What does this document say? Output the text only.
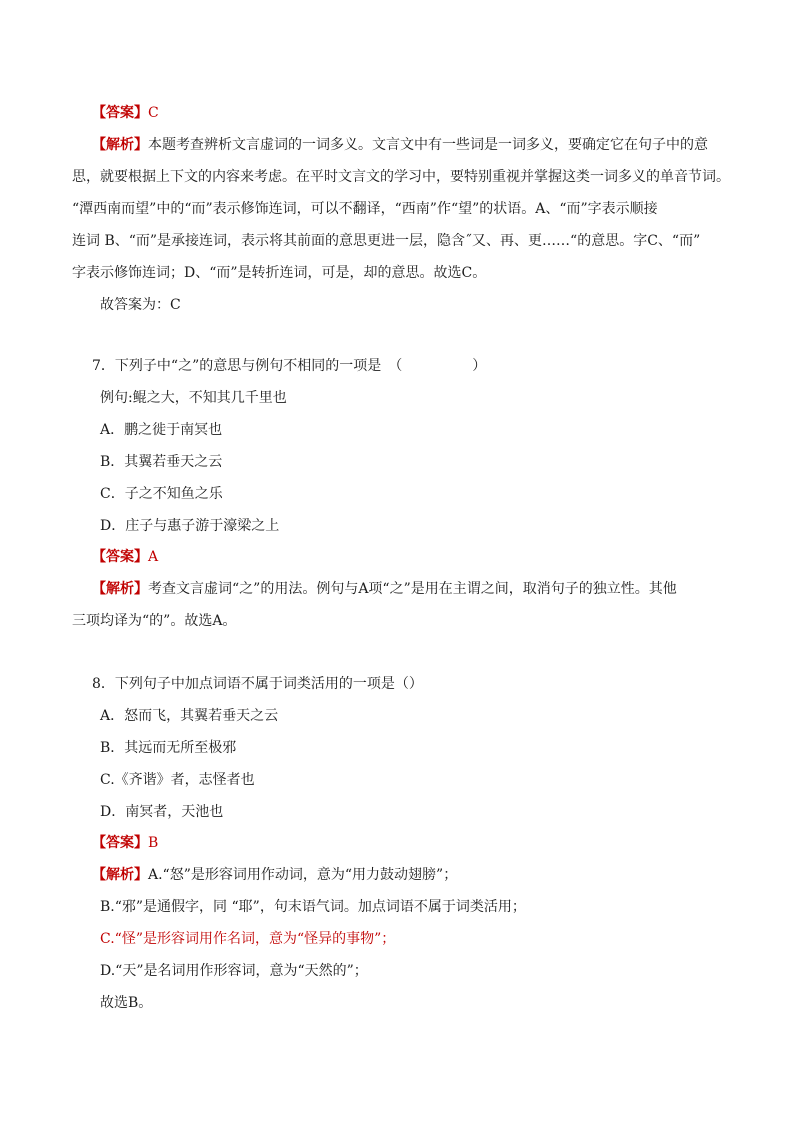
【答案】C
【解析】本题考查辨析文言虚词的一词多义。文言文中有一些词是一词多义，要确定它在句子中的意
思，就要根据上下文的内容来考虑。在平时文言文的学习中，要特别重视并掌握这类一词多义的单音节词。
“潭西南而望”中的“而”表示修饰连词，可以不翻译，“西南”作“望”的状语。A、“而”字表示顺接
连词 B、“而”是承接连词，表示将其前面的意思更进一层，隐含˝又、再、更……“的意思。字C、“而”
字表示修饰连词；D、“而”是转折连词，可是，却的意思。故选C。
故答案为：C
7．下列子中“之”的意思与例句不相同的一项是　（　　　　　）
例句:鲲之大，不知其几千里也
A．鹏之徙于南冥也
B．其翼若垂天之云
C．子之不知鱼之乐
D．庄子与惠子游于濠梁之上
【答案】A
【解析】考查文言虚词“之”的用法。例句与A项“之”是用在主谓之间，取消句子的独立性。其他
三项均译为“的”。故选A。
8．下列句子中加点词语不属于词类活用的一项是（）
A．怒而飞，其翼若垂天之云
B．其远而无所至极邪
C.《齐谐》者，志怪者也
D．南冥者，天池也
【答案】B
【解析】A.“怒”是形容词用作动词，意为“用力鼓动翅膀”；
B.“邪”是通假字，同 “耶”，句末语气词。加点词语不属于词类活用；
C.“怪”是形容词用作名词，意为“怪异的事物”；
D.“天”是名词用作形容词，意为“天然的”；
故选B。
